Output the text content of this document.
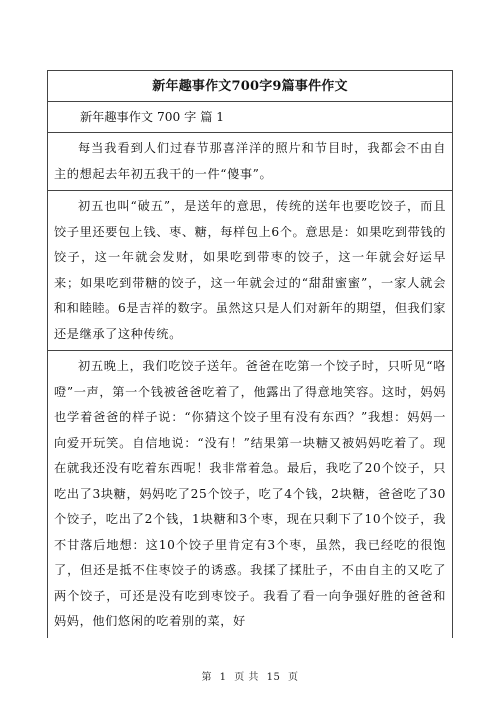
新年趣事作文700字9篇事件作文
新年趣事作文 700 字 篇 1

每当我看到人们过春节那喜洋洋的照片和节目时，我都会不由自主的想起去年初五我干的一件“傻事”。

初五也叫“破五”，是送年的意思，传统的送年也要吃饺子，而且饺子里还要包上钱、枣、糖，每样包上6个。意思是：如果吃到带钱的饺子，这一年就会发财，如果吃到带枣的饺子，这一年就会好运早来；如果吃到带糖的饺子，这一年就会过的“甜甜蜜蜜”，一家人就会和和睦睦。6是吉祥的数字。虽然这只是人们对新年的期望，但我们家还是继承了这种传统。

初五晚上，我们吃饺子送年。爸爸在吃第一个饺子时，只听见“咯噔”一声，第一个钱被爸爸吃着了，他露出了得意地笑容。这时，妈妈也学着爸爸的样子说：“你猜这个饺子里有没有东西？”我想：妈妈一向爱开玩笑。自信地说：“没有！”结果第一块糖又被妈妈吃着了。现在就我还没有吃着东西呢！我非常着急。最后，我吃了20个饺子，只吃出了3块糖，妈妈吃了25个饺子，吃了4个钱，2块糖，爸爸吃了30个饺子，吃出了2个钱，1块糖和3个枣，现在只剩下了10个饺子，我不甘落后地想：这10个饺子里肯定有3个枣，虽然，我已经吃的很饱了，但还是抵不住枣饺子的诱惑。我揉了揉肚子，不由自主的又吃了两个饺子，可还是没有吃到枣饺子。我看了看一向争强好胜的爸爸和妈妈，他们悠闲的吃着别的菜，好

第 1 页 共 15 页
